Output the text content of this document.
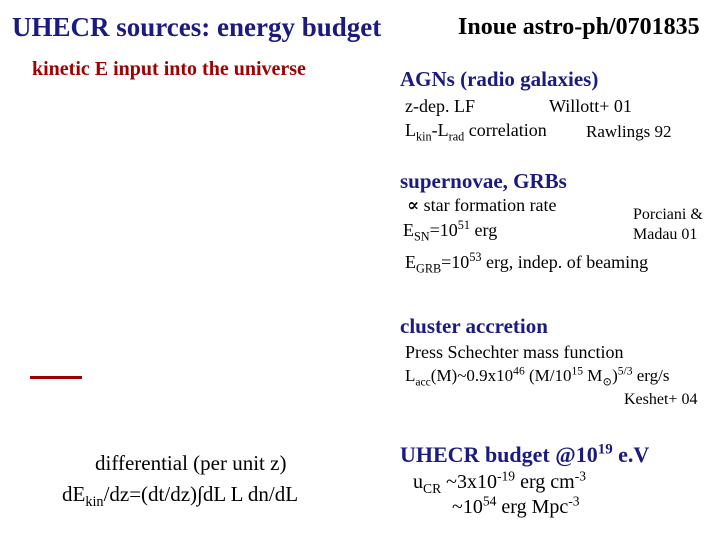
UHECR sources: energy budget	Inoue astro-ph/0701835
kinetic E input into the universe
differential (per unit z)
$dE_{kin}/dz=(dt/dz)\int dL$ L dn/dL
AGNs (radio galaxies)
z-dep. LF	Willott+ 01
$L_{kin}-L_{rad}$ correlation Rawlings 92
supernovae, GRBs
∝ star formation rate	Porciani &
Madau 01
$E_{SN}=10^{51}$ erg
$E_{GRB}=10^{53}$ erg, indep. of beaming
cluster accretion
Press Schechter mass function
$L_{acc}(M)\sim 0.9x10^{46}$ ($M/10^{15}$ $M_⊙)^{5/3}$ erg/s
Keshet+ 04
UHECR budget $@10^{19}$ e.V
$u_{CR}$ $\sim 3x10^{-19}$ erg $cm^{-3}$
$\sim 10^{54}$ erg Mpc$^{-3}$
